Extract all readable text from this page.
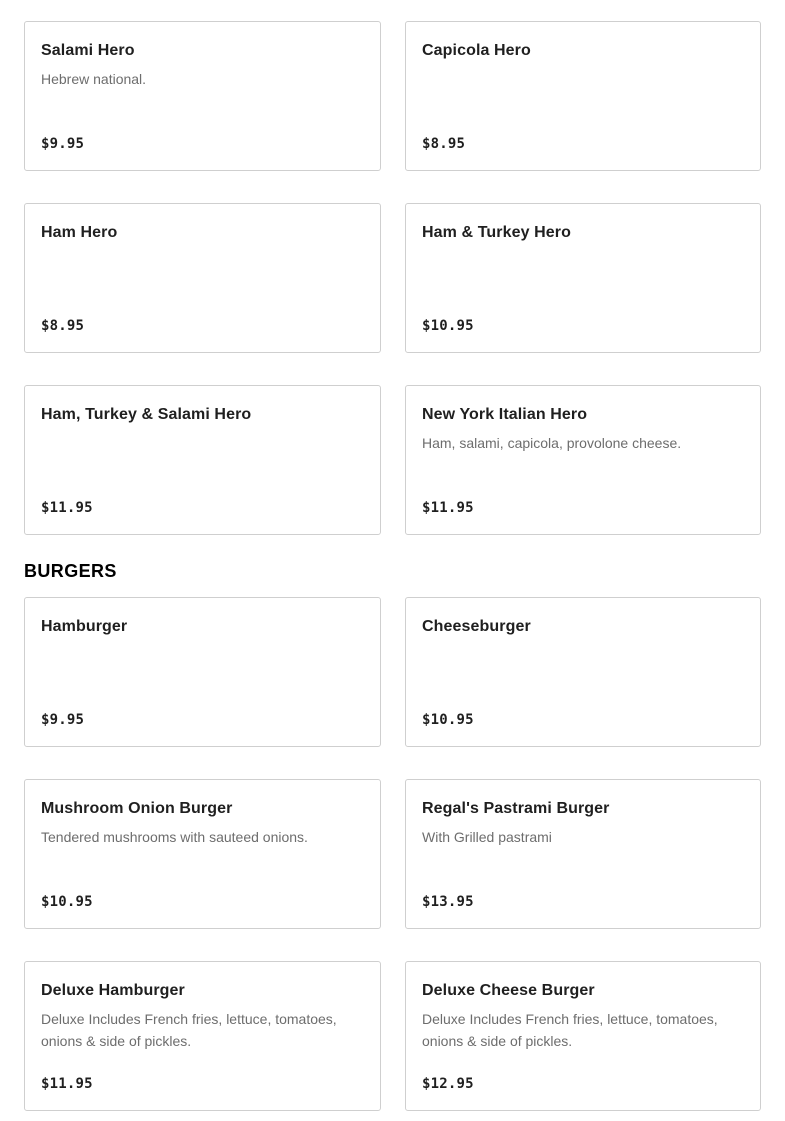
Salami Hero
Hebrew national.
$9.95
Capicola Hero
$8.95
Ham Hero
$8.95
Ham & Turkey Hero
$10.95
Ham, Turkey & Salami Hero
$11.95
New York Italian Hero
Ham, salami, capicola, provolone cheese.
$11.95
BURGERS
Hamburger
$9.95
Cheeseburger
$10.95
Mushroom Onion Burger
Tendered mushrooms with sauteed onions.
$10.95
Regal's Pastrami Burger
With Grilled pastrami
$13.95
Deluxe Hamburger
Deluxe Includes French fries, lettuce, tomatoes, onions & side of pickles.
$11.95
Deluxe Cheese Burger
Deluxe Includes French fries, lettuce, tomatoes, onions & side of pickles.
$12.95
